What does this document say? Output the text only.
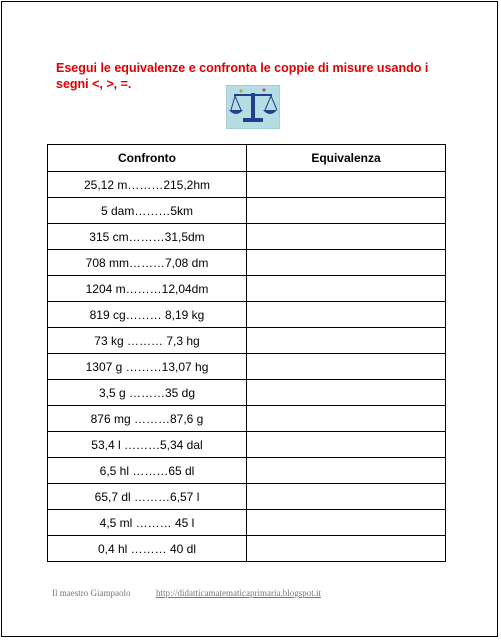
Esegui le equivalenze e confronta le coppie di misure usando i segni <, >, =.
Confronto	Equivalenza
25,12 m………215,2hm	
5 dam………5km	
315 cm………31,5dm	
708 mm………7,08 dm	
1204 m………12,04dm	
819 cg……… 8,19 kg	
73 kg ……… 7,3 hg	
1307 g ………13,07 hg	
3,5 g ………35 dg	
876 mg ………87,6 g	
53,4 l ………5,34 dal	
6,5 hl ………65 dl	
65,7 dl ………6,57 l	
4,5 ml ……… 45 l	
0,4 hl ……… 40 dl	
Il maestro Giampaolo	http://didatticamatematicaprimaria.blogspot.it
